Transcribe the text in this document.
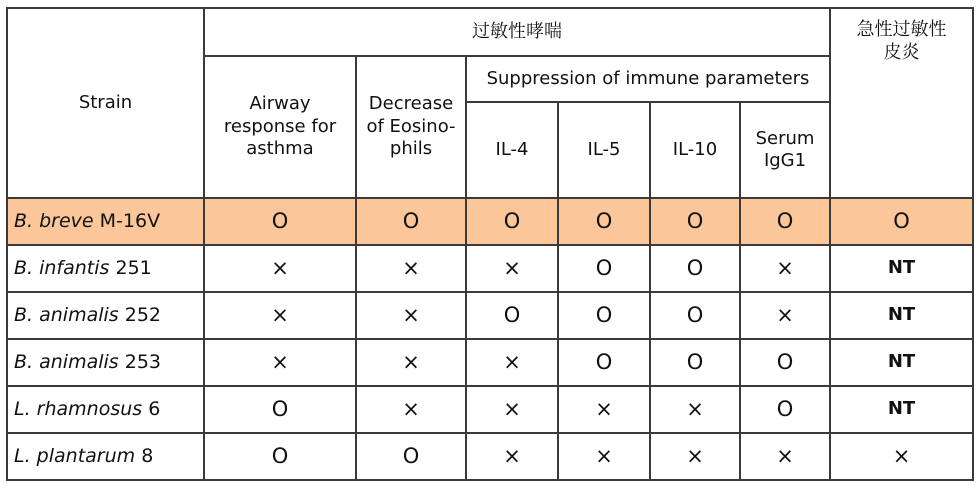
Strain	过敏性哮喘						急性过敏性皮炎
	Airway response for asthma	Decrease of Eosino-phils	Suppression of immune parameters				
			IL-4	IL-5	IL-10	Serum IgG1	
B. breve M-16V	O	O	O	O	O	O	O
B. infantis 251	×	×	×	O	O	×	NT
B. animalis 252	×	×	O	O	O	×	NT
B. animalis 253	×	×	×	O	O	O	NT
L. rhamnosus 6	O	×	×	×	×	O	NT
L. plantarum 8	O	O	×	×	×	×	×
